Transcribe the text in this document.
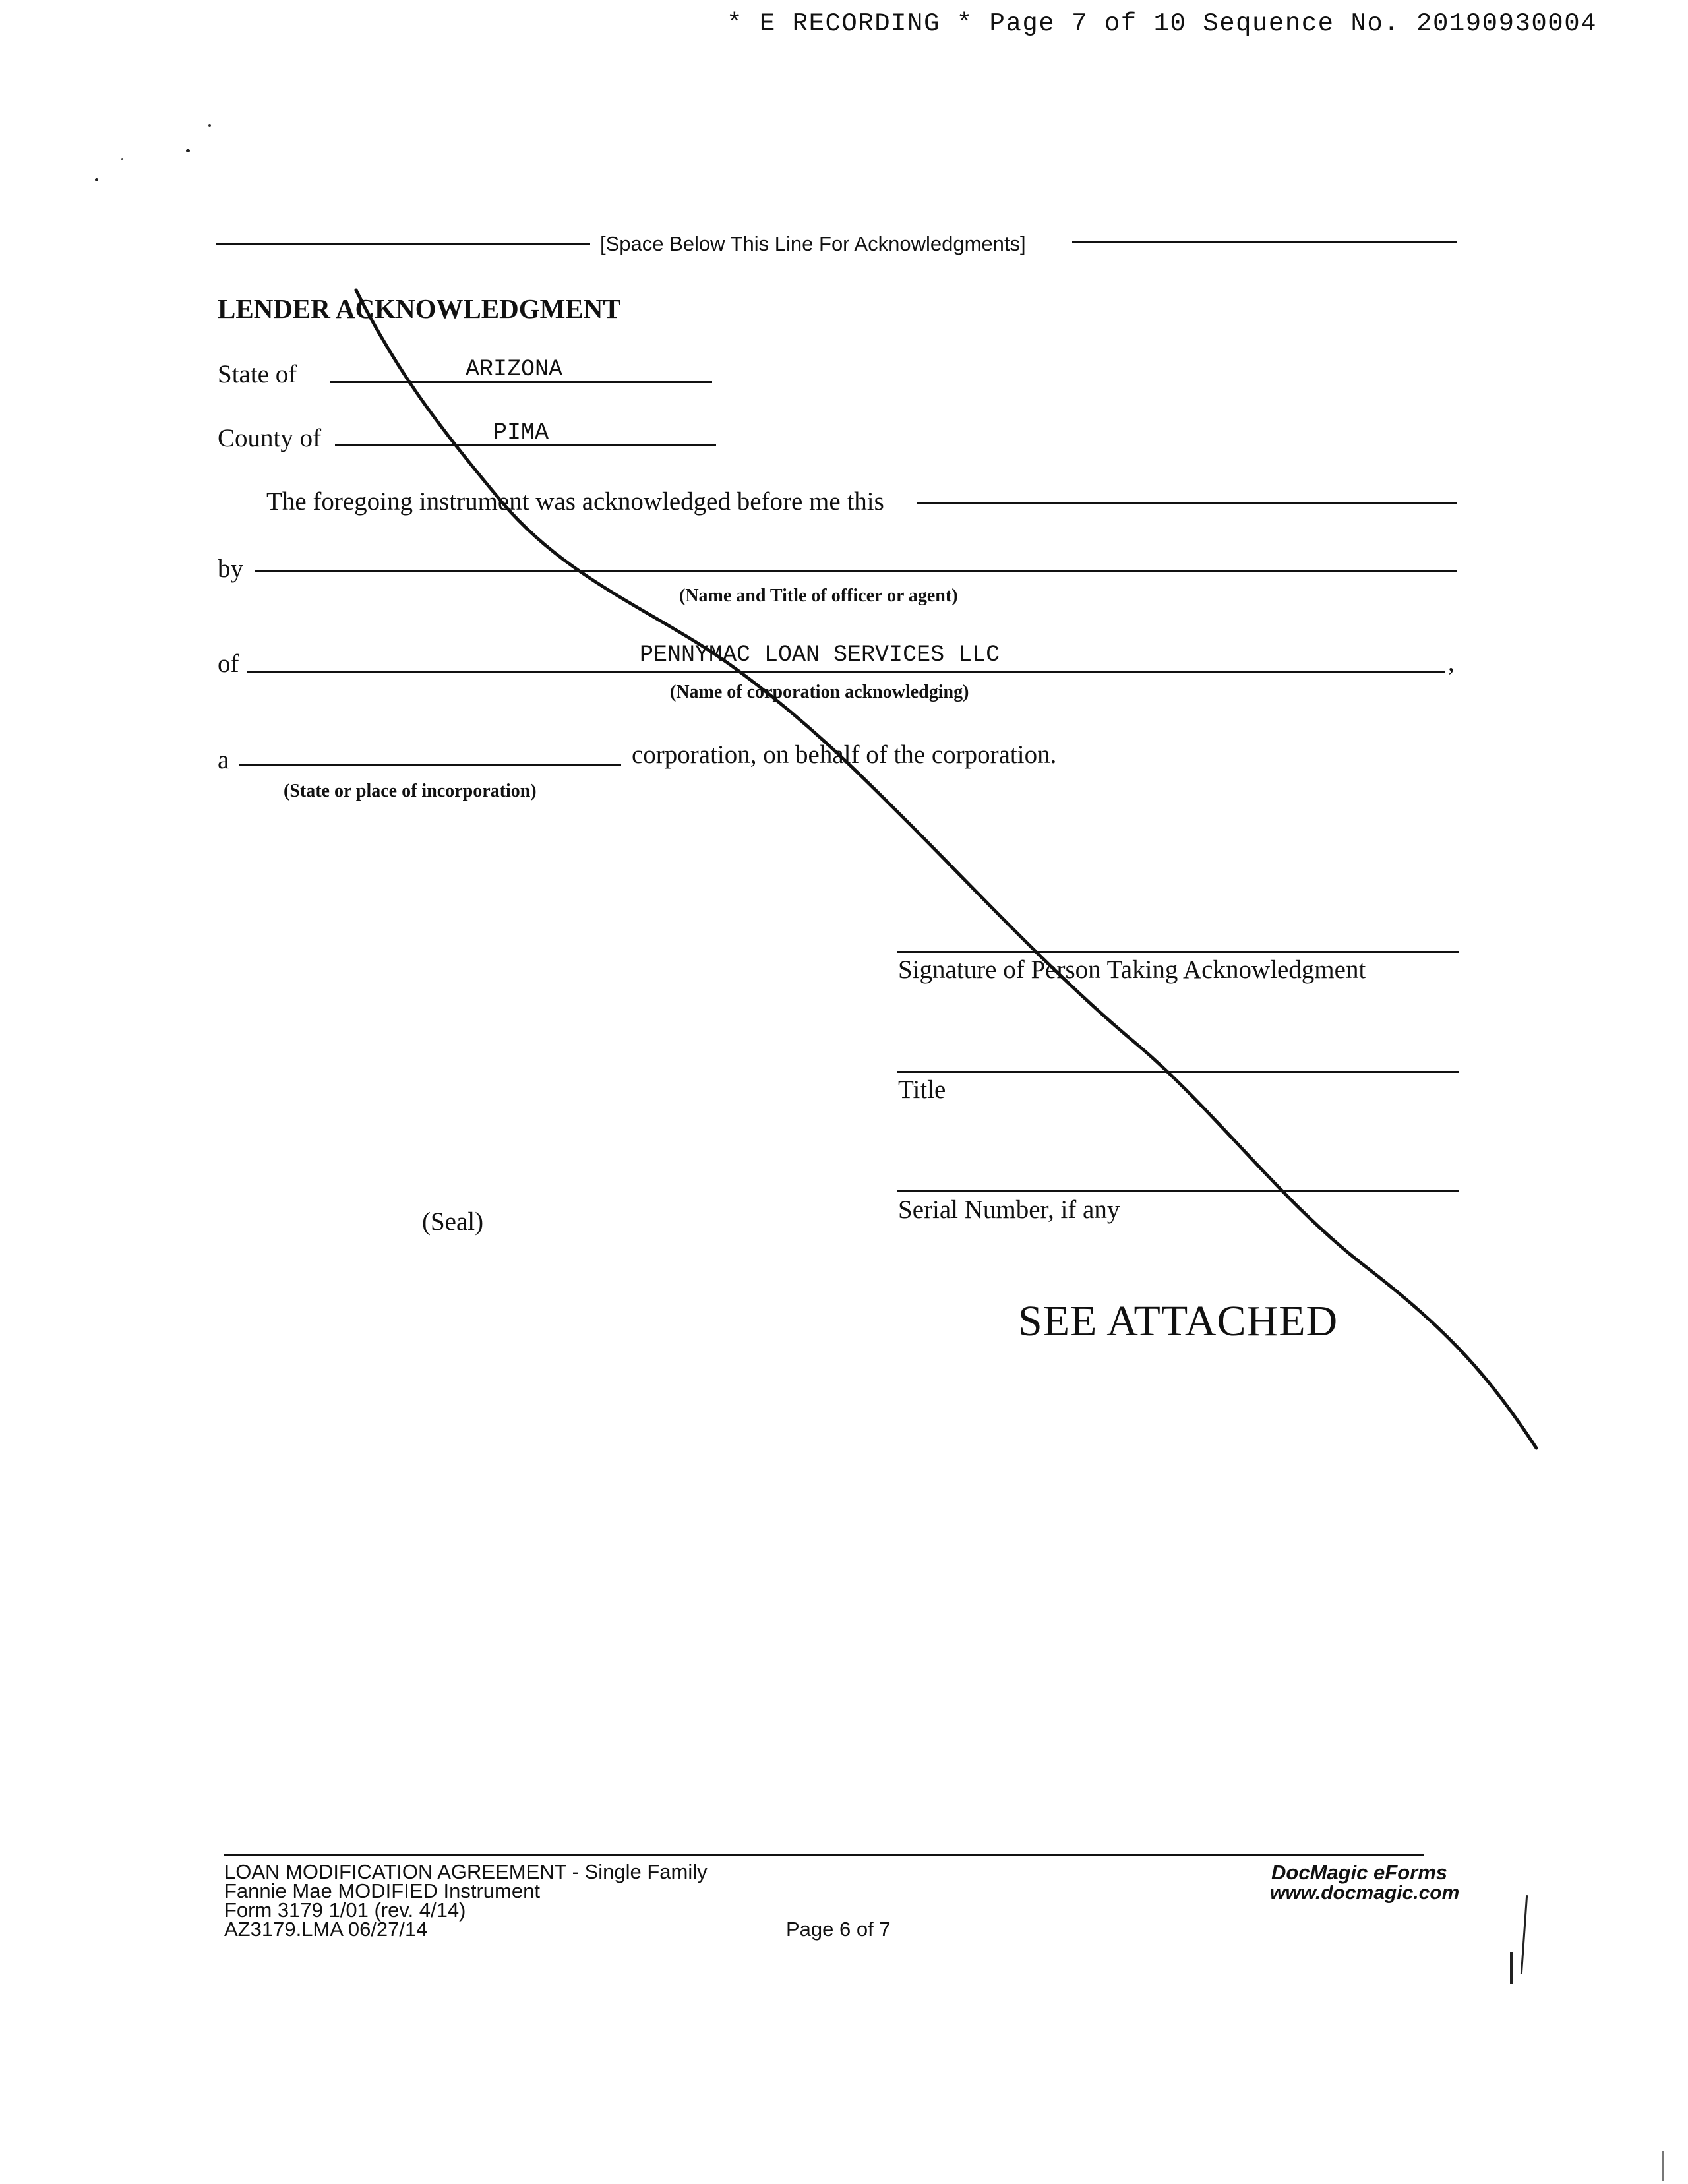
* E RECORDING * Page 7 of 10 Sequence No. 20190930004
[Space Below This Line For Acknowledgments]
LENDER ACKNOWLEDGMENT
State of	ARIZONA
County of	PIMA
The foregoing instrument was acknowledged before me this
by
(Name and Title of officer or agent)
of	PENNYMAC LOAN SERVICES LLC	,
(Name of corporation acknowledging)
a	corporation, on behalf of the corporation.
(State or place of incorporation)
Signature of Person Taking Acknowledgment
Title
Serial Number, if any
(Seal)
SEE ATTACHED
LOAN MODIFICATION AGREEMENT - Single Family
Fannie Mae MODIFIED Instrument
Form 3179 1/01 (rev. 4/14)
AZ3179.LMA 06/27/14	Page 6 of 7
DocMagic eForms
www.docmagic.com
